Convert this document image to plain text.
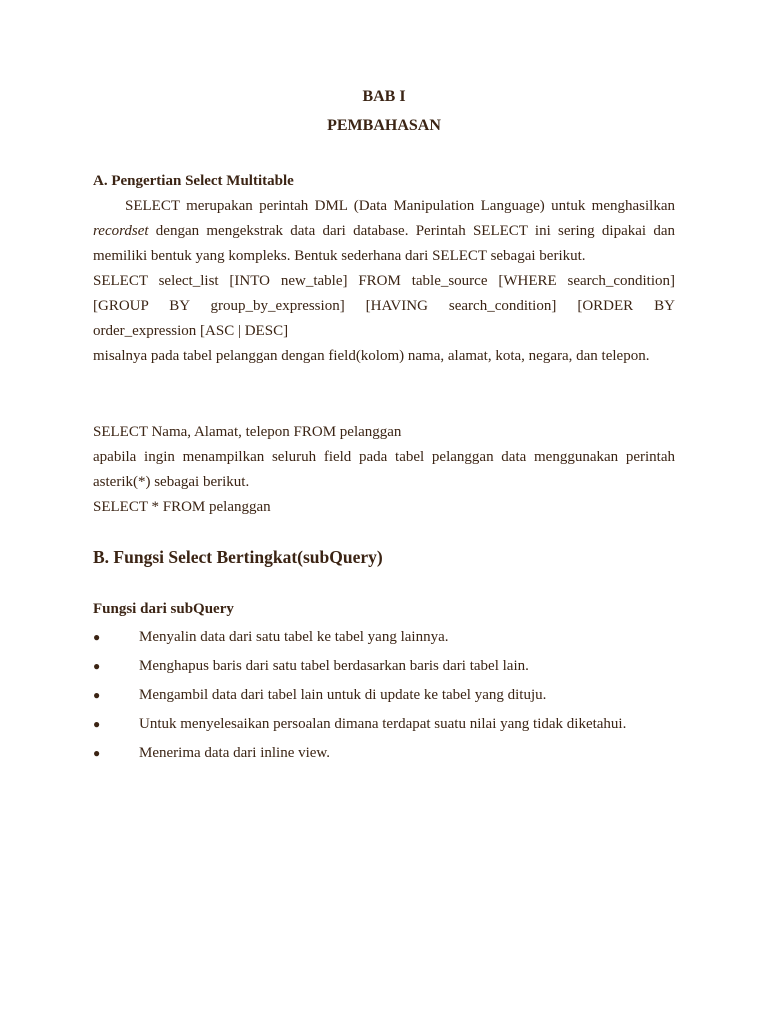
BAB I
PEMBAHASAN

A. Pengertian Select Multitable

SELECT merupakan perintah DML (Data Manipulation Language) untuk menghasilkan recordset dengan mengekstrak data dari database. Perintah SELECT ini sering dipakai dan memiliki bentuk yang kompleks. Bentuk sederhana dari SELECT sebagai berikut.

SELECT select_list [INTO new_table] FROM table_source [WHERE search_condition] [GROUP BY group_by_expression] [HAVING search_condition] [ORDER BY order_expression [ASC | DESC]

misalnya pada tabel pelanggan dengan field(kolom) nama, alamat, kota, negara, dan telepon.

SELECT Nama, Alamat, telepon FROM pelanggan

apabila ingin menampilkan seluruh field pada tabel pelanggan data menggunakan perintah asterik(*) sebagai berikut.

SELECT * FROM pelanggan

B. Fungsi Select Bertingkat(subQuery)
Fungsi dari subQuery
●	Menyalin data dari satu tabel ke tabel yang lainnya.
●	Menghapus baris dari satu tabel berdasarkan baris dari tabel lain.
●	Mengambil data dari tabel lain untuk di update ke tabel yang dituju.
●	Untuk menyelesaikan persoalan dimana terdapat suatu nilai yang tidak diketahui.
●	Menerima data dari inline view.
